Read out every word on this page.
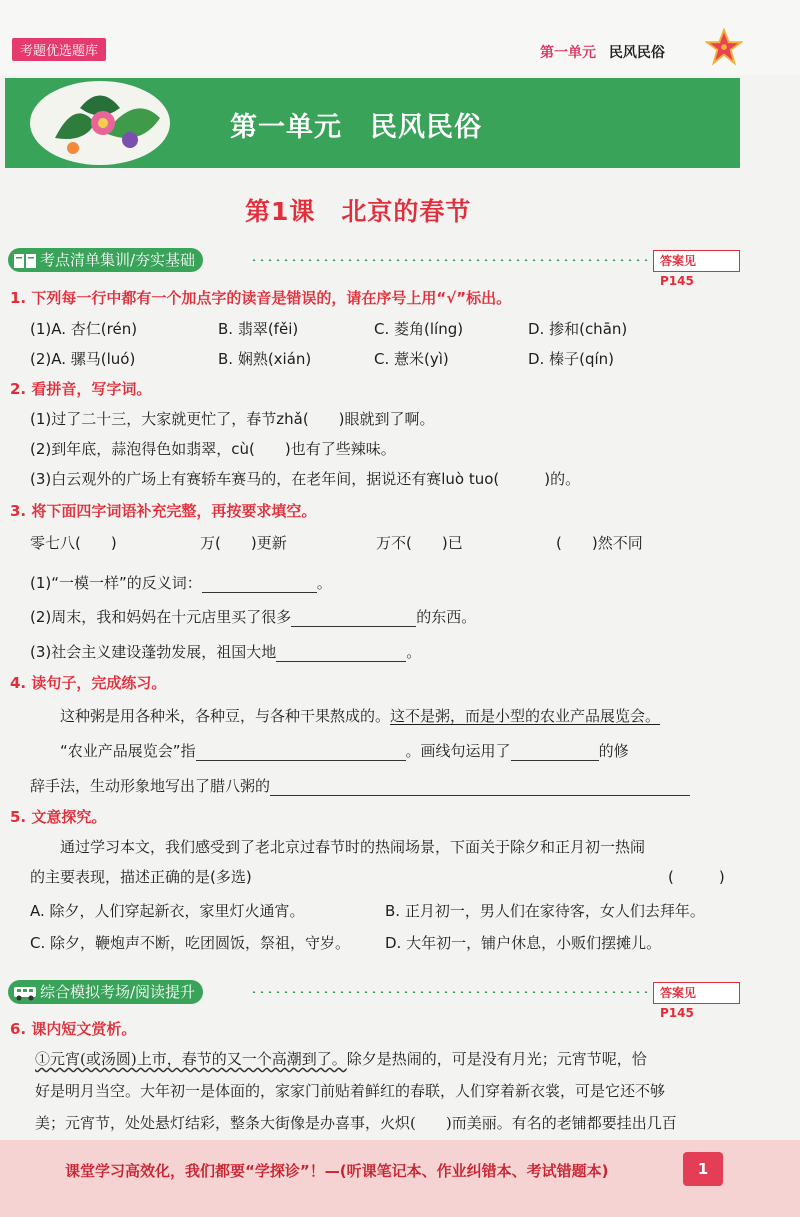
考题优选题库	第一单元 民风民俗
第一单元　民风民俗
第1课　北京的春节
考点清单集训/夯实基础	答案见 P145
1. 下列每一行中都有一个加点字的读音是错误的，请在序号上用“√”标出。
(1)A. 杏仁(rén)	B. 翡翠(fěi)	C. 菱角(líng)	D. 掺和(chān)
(2)A. 骡马(luó)	B. 娴熟(xián)	C. 薏米(yì)	D. 榛子(qín)
2. 看拼音，写字词。
(1)过了二十三，大家就更忙了，春节zhǎ(　　)眼就到了啊。
(2)到年底，蒜泡得色如翡翠，cù(　　)也有了些辣味。
(3)白云观外的广场上有赛轿车赛马的，在老年间，据说还有赛luò tuo(　　　)的。
3. 将下面四字词语补充完整，再按要求填空。
零七八(　　)	万(　　)更新	万不(　　)已	(　　)然不同
(1)“一模一样”的反义词：	。
(2)周末，我和妈妈在十元店里买了很多	的东西。
(3)社会主义建设蓬勃发展，祖国大地	。
4. 读句子，完成练习。
这种粥是用各种米，各种豆，与各种干果熬成的。这不是粥，而是小型的农业产品展览会。
“农业产品展览会”指	。画线句运用了	的修
辞手法，生动形象地写出了腊八粥的
5. 文意探究。
通过学习本文，我们感受到了老北京过春节时的热闹场景，下面关于除夕和正月初一热闹
的主要表现，描述正确的是(多选)	(　　　)
A. 除夕，人们穿起新衣，家里灯火通宵。	B. 正月初一，男人们在家待客，女人们去拜年。
C. 除夕，鞭炮声不断，吃团圆饭，祭祖，守岁。 D. 大年初一，铺户休息，小贩们摆摊儿。
综合模拟考场/阅读提升	答案见 P145
6. 课内短文赏析。
①元宵(或汤圆)上市，春节的又一个高潮到了。除夕是热闹的，可是没有月光；元宵节呢，恰
好是明月当空。大年初一是体面的，家家门前贴着鲜红的春联，人们穿着新衣裳，可是它还不够
美；元宵节，处处悬灯结彩，整条大街像是办喜事，火炽(　　)而美丽。有名的老铺都要挂出几百
课堂学习高效化，我们都要“学探诊”！—(听课笔记本、作业纠错本、考试错题本)	1
